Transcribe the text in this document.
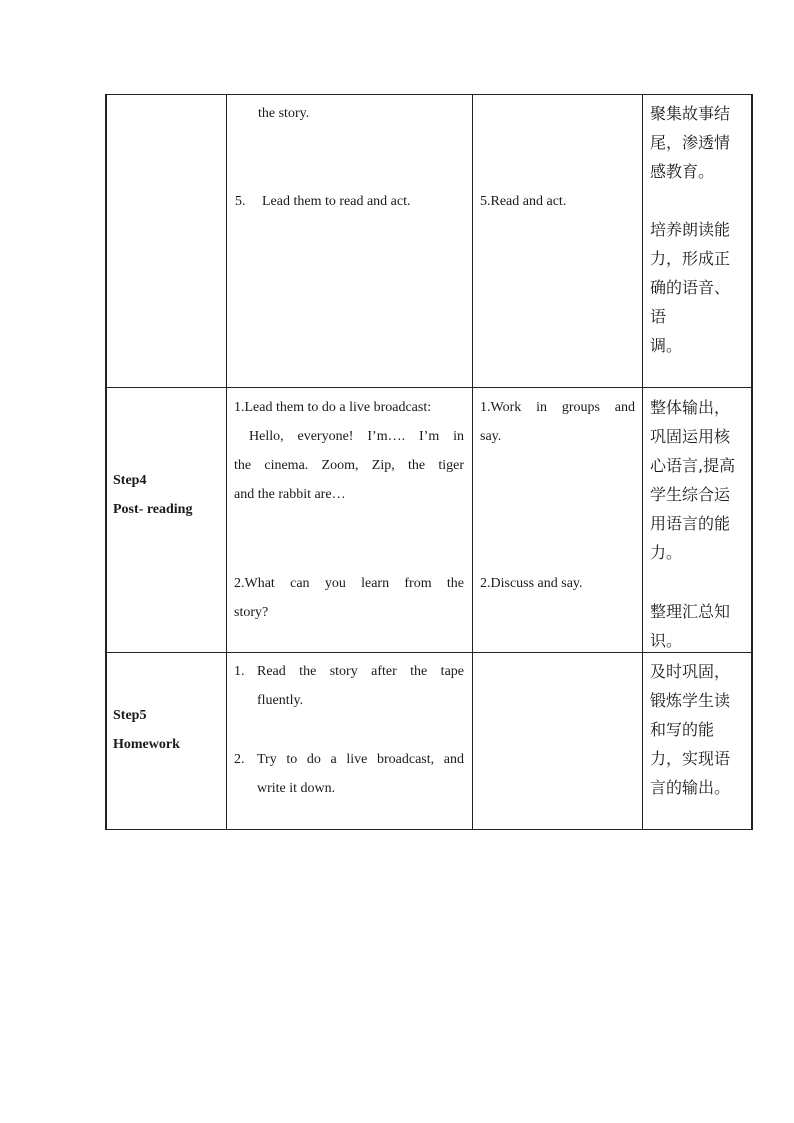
the story.
5. Lead them to read and act.	5.Read and act.
聚集故事结
尾，渗透情
感教育。
培养朗读能
力，形成正
确的语音、
语
调。
Step4
Post- reading
1.Lead them to do a live broadcast:
Hello, everyone! I’m…. I’m in
the cinema. Zoom, Zip, the tiger
and the rabbit are…
2.What can you learn from the
story?
1.Work in groups and
say.
2.Discuss and say.
整体输出，
巩固运用核
心语言,提高
学生综合运
用语言的能
力。
整理汇总知
识。
Step5
Homework
1. Read the story after the tape
fluently.
2. Try to do a live broadcast, and
write it down.
及时巩固，
锻炼学生读
和写的能
力，实现语
言的输出。
